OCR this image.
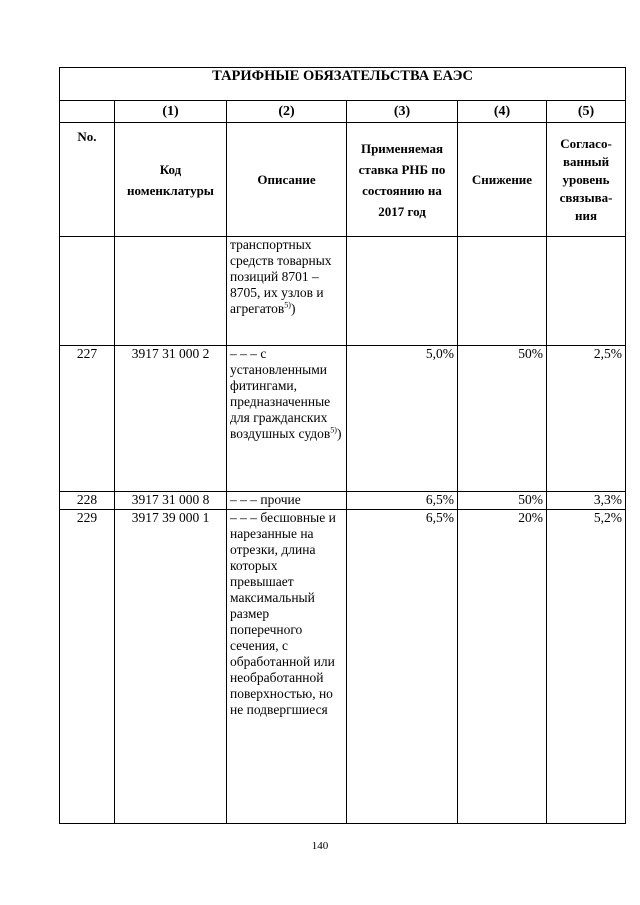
ТАРИФНЫЕ ОБЯЗАТЕЛЬСТВА ЕАЭС					
	(1)	(2)	(3)	(4)	(5)
No.	Код номенклатуры	Описание	Применяемая ставка РНБ по состоянию на 2017 год	Снижение	Согласо-ванный уровень связыва-ния
		транспортных средств товарных позиций 8701 – 8705, их узлов и агрегатов$^{5)}$)			
227	3917 31 000 2	– – – с установленными фитингами, предназначенные для гражданских воздушных судов$^{5)}$)	5,0%	50%	2,5%
228	3917 31 000 8	– – – прочие	6,5%	50%	3,3%
229	3917 39 000 1	– – – бесшовные и нарезанные на отрезки, длина которых превышает максимальный размер поперечного сечения, с обработанной или необработанной поверхностью, но не подвергшиеся	6,5%	20%	5,2%
140
